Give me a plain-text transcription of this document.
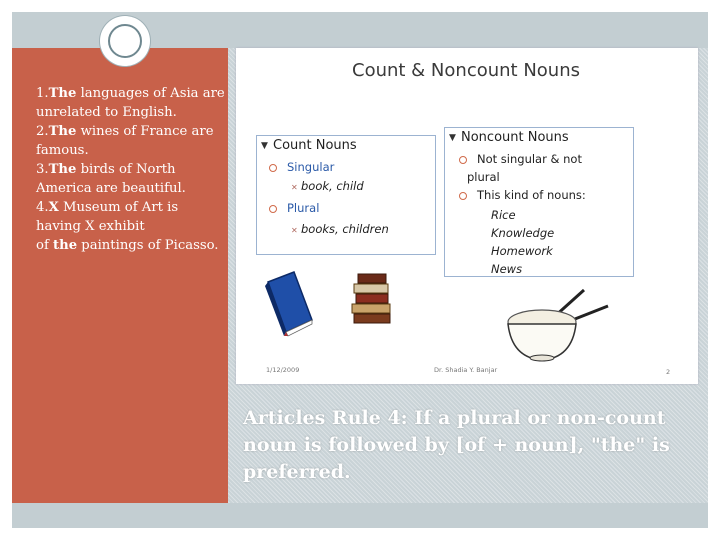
1.The languages of Asia are unrelated to English.

2.The wines of France are famous.

3.The birds of North America are beautiful.

4.X Museum of Art is having X exhibit

of the paintings of Picasso.

Count & Noncount Nouns
▼ Count Nouns
Singular
✕ book, child
Plural
✕ books, children
▼ Noncount Nouns
Not singular & not
plural
This kind of nouns:
Rice
Knowledge
Homework
News
1/12/2009	Dr. Shadia Y. Banjar	2
Articles Rule 4: If a plural or non-count noun is followed by [of + noun], "the" is preferred.
